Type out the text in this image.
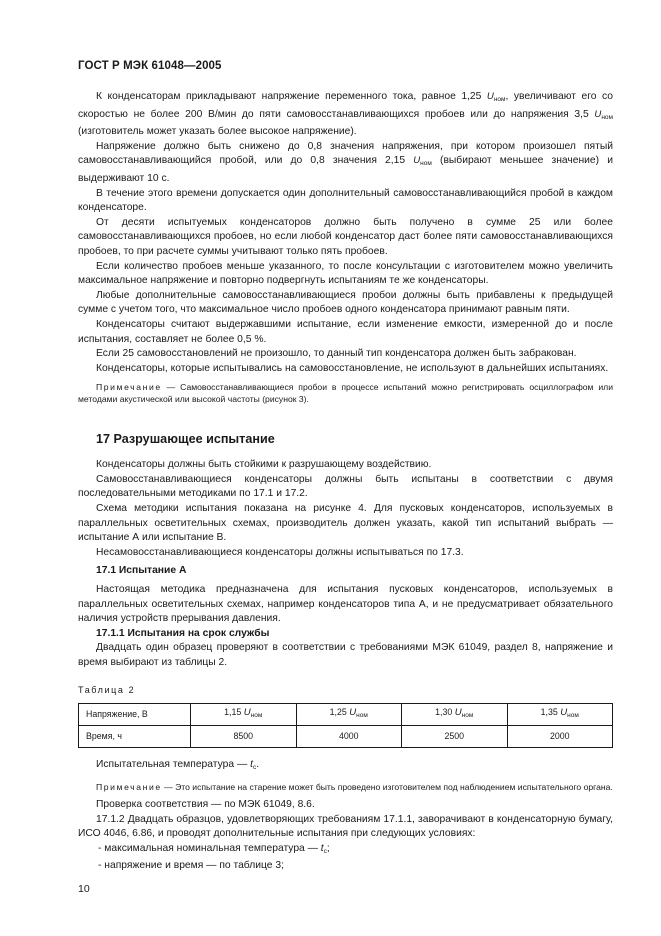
ГОСТ Р МЭК 61048—2005

К конденсаторам прикладывают напряжение переменного тока, равное 1,25 $U_{ном}$, увеличивают его со скоростью не более 200 В/мин до пяти самовосстанавливающихся пробоев или до напряжения 3,5 $U_{ном}$ (изготовитель может указать более высокое напряжение).

Напряжение должно быть снижено до 0,8 значения напряжения, при котором произошел пятый самовосстанавливающийся пробой, или до 0,8 значения 2,15 $U_{ном}$ (выбирают меньшее значение) и выдерживают 10 с.

В течение этого времени допускается один дополнительный самовосстанавливающийся пробой в каждом конденсаторе.

От десяти испытуемых конденсаторов должно быть получено в сумме 25 или более самовосстанавливающихся пробоев, но если любой конденсатор даст более пяти самовосстанавливающихся пробоев, то при расчете суммы учитывают только пять пробоев.

Если количество пробоев меньше указанного, то после консультации с изготовителем можно увеличить максимальное напряжение и повторно подвергнуть испытаниям те же конденсаторы.

Любые дополнительные самовосстанавливающиеся пробои должны быть прибавлены к предыдущей сумме с учетом того, что максимальное число пробоев одного конденсатора принимают равным пяти.

Конденсаторы считают выдержавшими испытание, если изменение емкости, измеренной до и после испытания, составляет не более 0,5 %.

Если 25 самовосстановлений не произошло, то данный тип конденсатора должен быть забракован.

Конденсаторы, которые испытывались на самовосстановление, не используют в дальнейших испытаниях.

Примечание — Самовосстанавливающиеся пробои в процессе испытаний можно регистрировать осциллографом или методами акустической или высокой частоты (рисунок 3).

17 Разрушающее испытание

Конденсаторы должны быть стойкими к разрушающему воздействию.

Самовосстанавливающиеся конденсаторы должны быть испытаны в соответствии с двумя последовательными методиками по 17.1 и 17.2.

Схема методики испытания показана на рисунке 4. Для пусковых конденсаторов, используемых в параллельных осветительных схемах, производитель должен указать, какой тип испытаний выбрать — испытание А или испытание В.

Несамовосстанавливающиеся конденсаторы должны испытываться по 17.3.

17.1 Испытание А

Настоящая методика предназначена для испытания пусковых конденсаторов, используемых в параллельных осветительных схемах, например конденсаторов типа А, и не предусматривает обязательного наличия устройств прерывания давления.

17.1.1 Испытания на срок службы

Двадцать один образец проверяют в соответствии с требованиями МЭК 61049, раздел 8, напряжение и время выбирают из таблицы 2.

Таблица 2

Напряжение, В	1,15 $U_{ном}$	1,25 $U_{ном}$	1,30 $U_{ном}$	1,35 $U_{ном}$
Время, ч	8500	4000	2500	2000

Испытательная температура — $t_c$.

Примечание — Это испытание на старение может быть проведено изготовителем под наблюдением испытательного органа.

Проверка соответствия — по МЭК 61049, 8.6.

17.1.2 Двадцать образцов, удовлетворяющих требованиям 17.1.1, заворачивают в конденсаторную бумагу, ИСО 4046, 6.86, и проводят дополнительные испытания при следующих условиях:

- максимальная номинальная температура — $t_c$;

- напряжение и время — по таблице 3;

10
